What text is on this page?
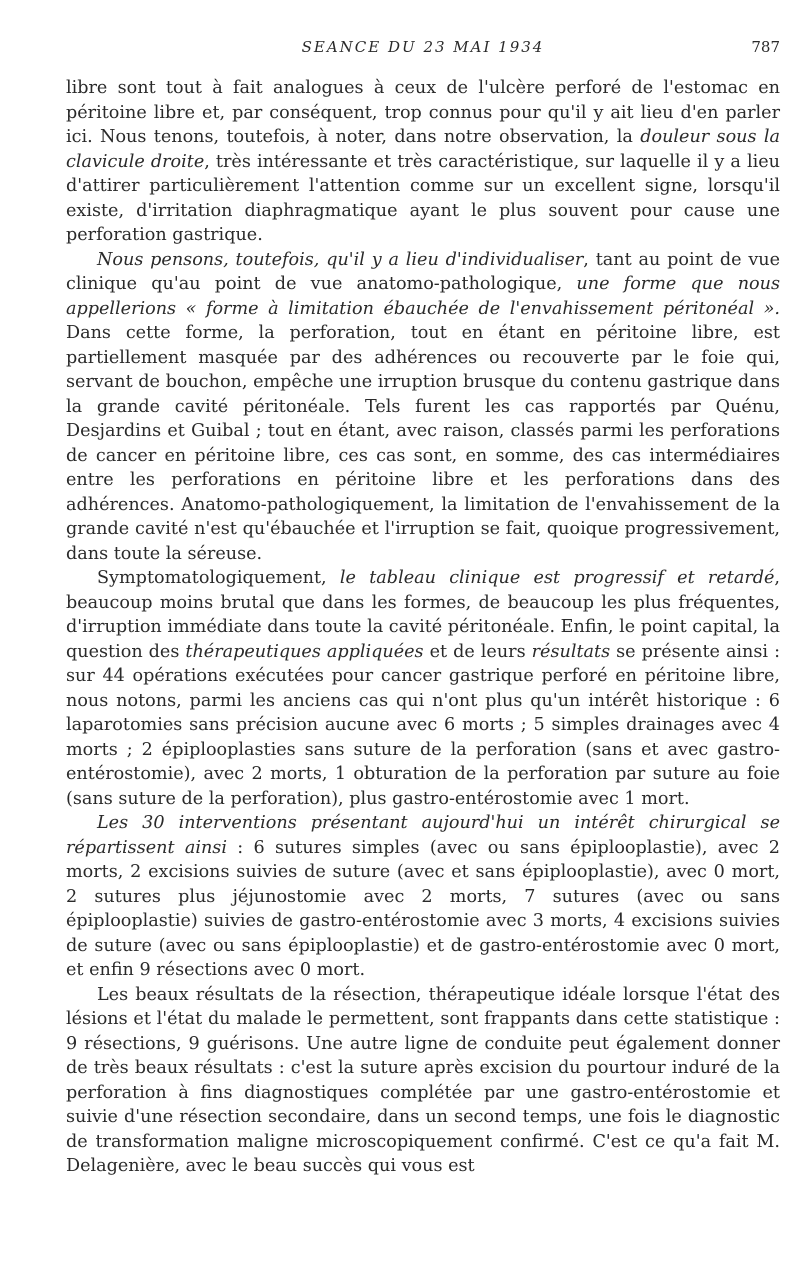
SEANCE DU 23 MAI 1934	787

libre sont tout à fait analogues à ceux de l'ulcère perforé de l'estomac en péritoine libre et, par conséquent, trop connus pour qu'il y ait lieu d'en parler ici. Nous tenons, toutefois, à noter, dans notre observation, la douleur sous la clavicule droite, très intéressante et très caractéristique, sur laquelle il y a lieu d'attirer particulièrement l'attention comme sur un excellent signe, lorsqu'il existe, d'irritation diaphragmatique ayant le plus souvent pour cause une perforation gastrique.

Nous pensons, toutefois, qu'il y a lieu d'individualiser, tant au point de vue clinique qu'au point de vue anatomo-pathologique, une forme que nous appellerions « forme à limitation ébauchée de l'envahissement péritonéal ». Dans cette forme, la perforation, tout en étant en péritoine libre, est partiellement masquée par des adhérences ou recouverte par le foie qui, servant de bouchon, empêche une irruption brusque du contenu gastrique dans la grande cavité péritonéale. Tels furent les cas rapportés par Quénu, Desjardins et Guibal ; tout en étant, avec raison, classés parmi les perforations de cancer en péritoine libre, ces cas sont, en somme, des cas intermédiaires entre les perforations en péritoine libre et les perforations dans des adhérences. Anatomo-pathologiquement, la limitation de l'envahissement de la grande cavité n'est qu'ébauchée et l'irruption se fait, quoique progressivement, dans toute la séreuse.

Symptomatologiquement, le tableau clinique est progressif et retardé, beaucoup moins brutal que dans les formes, de beaucoup les plus fréquentes, d'irruption immédiate dans toute la cavité péritonéale. Enfin, le point capital, la question des thérapeutiques appliquées et de leurs résultats se présente ainsi : sur 44 opérations exécutées pour cancer gastrique perforé en péritoine libre, nous notons, parmi les anciens cas qui n'ont plus qu'un intérêt historique : 6 laparotomies sans précision aucune avec 6 morts ; 5 simples drainages avec 4 morts ; 2 épiplooplasties sans suture de la perforation (sans et avec gastro-entérostomie), avec 2 morts, 1 obturation de la perforation par suture au foie (sans suture de la perforation), plus gastro-entérostomie avec 1 mort.

Les 30 interventions présentant aujourd'hui un intérêt chirurgical se répartissent ainsi : 6 sutures simples (avec ou sans épiplooplastie), avec 2 morts, 2 excisions suivies de suture (avec et sans épiplooplastie), avec 0 mort, 2 sutures plus jéjunostomie avec 2 morts, 7 sutures (avec ou sans épiplooplastie) suivies de gastro-entérostomie avec 3 morts, 4 excisions suivies de suture (avec ou sans épiplooplastie) et de gastro-entérostomie avec 0 mort, et enfin 9 résections avec 0 mort.

Les beaux résultats de la résection, thérapeutique idéale lorsque l'état des lésions et l'état du malade le permettent, sont frappants dans cette statistique : 9 résections, 9 guérisons. Une autre ligne de conduite peut également donner de très beaux résultats : c'est la suture après excision du pourtour induré de la perforation à fins diagnostiques complétée par une gastro-entérostomie et suivie d'une résection secondaire, dans un second temps, une fois le diagnostic de transformation maligne microscopiquement confirmé. C'est ce qu'a fait M. Delagenière, avec le beau succès qui vous est
